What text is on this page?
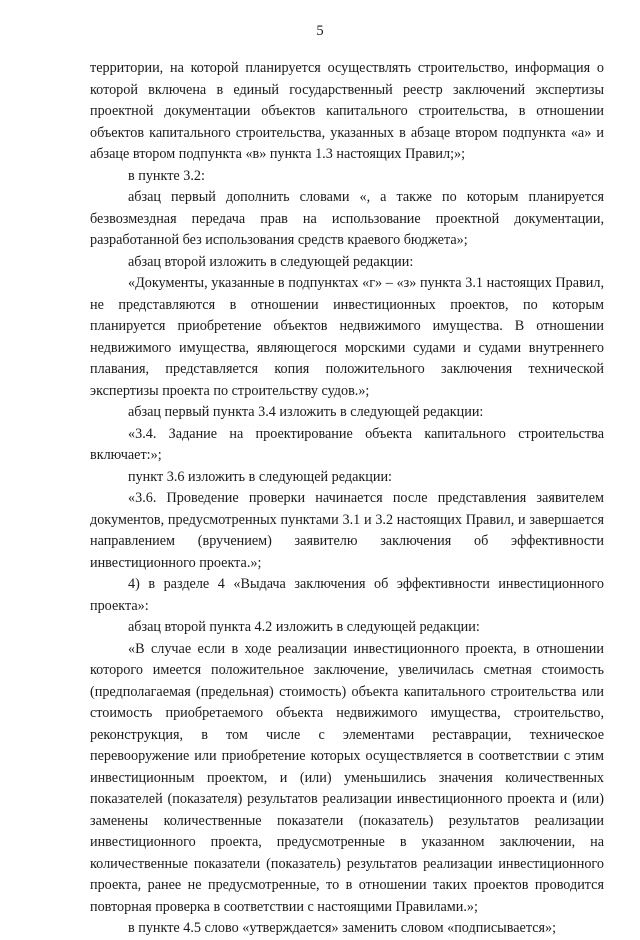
5

территории, на которой планируется осуществлять строительство, информация о которой включена в единый государственный реестр заключений экспертизы проектной документации объектов капитального строительства, в отношении объектов капитального строительства, указанных в абзаце втором подпункта «а» и абзаце втором подпункта «в» пункта 1.3 настоящих Правил;»;

в пункте 3.2:

абзац первый дополнить словами «, а также по которым планируется безвозмездная передача прав на использование проектной документации, разработанной без использования средств краевого бюджета»;

абзац второй изложить в следующей редакции:

«Документы, указанные в подпунктах «г» – «з» пункта 3.1 настоящих Правил, не представляются в отношении инвестиционных проектов, по которым планируется приобретение объектов недвижимого имущества. В отношении недвижимого имущества, являющегося морскими судами и судами внутреннего плавания, представляется копия положительного заключения технической экспертизы проекта по строительству судов.»;

абзац первый пункта 3.4 изложить в следующей редакции:

«3.4. Задание на проектирование объекта капитального строительства включает:»;

пункт 3.6 изложить в следующей редакции:

«3.6. Проведение проверки начинается после представления заявителем документов, предусмотренных пунктами 3.1 и 3.2 настоящих Правил, и завершается направлением (вручением) заявителю заключения об эффективности инвестиционного проекта.»;

4) в разделе 4 «Выдача заключения об эффективности инвестиционного проекта»:

абзац второй пункта 4.2 изложить в следующей редакции:

«В случае если в ходе реализации инвестиционного проекта, в отношении которого имеется положительное заключение, увеличилась сметная стоимость (предполагаемая (предельная) стоимость) объекта капитального строительства или стоимость приобретаемого объекта недвижимого имущества, строительство, реконструкция, в том числе с элементами реставрации, техническое перевооружение или приобретение которых осуществляется в соответствии с этим инвестиционным проектом, и (или) уменьшились значения количественных показателей (показателя) результатов реализации инвестиционного проекта и (или) заменены количественные показатели (показатель) результатов реализации инвестиционного проекта, предусмотренные в указанном заключении, на количественные показатели (показатель) результатов реализации инвестиционного проекта, ранее не предусмотренные, то в отношении таких проектов проводится повторная проверка в соответствии с настоящими Правилами.»;

в пункте 4.5 слово «утверждается» заменить словом «подписывается»;
